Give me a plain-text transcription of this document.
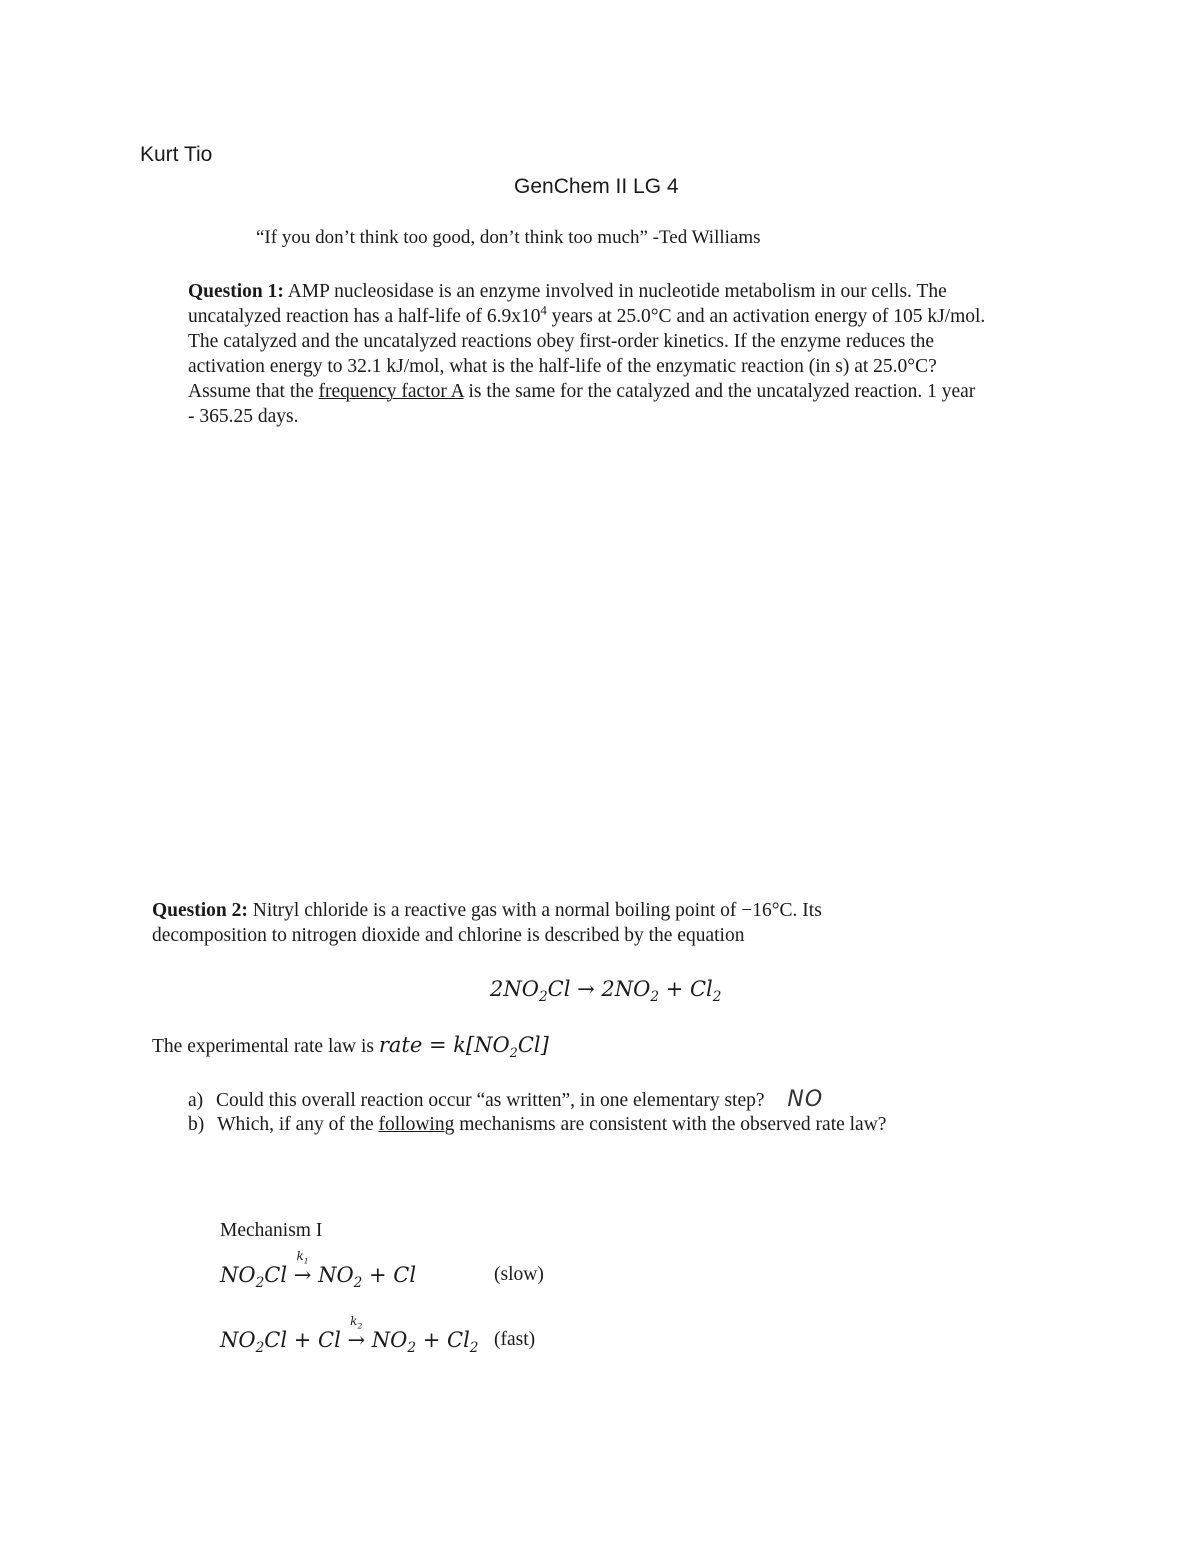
Kurt Tio
GenChem II LG 4
“If you don’t think too good, don’t think too much” -Ted Williams

Question 1: AMP nucleosidase is an enzyme involved in nucleotide metabolism in our cells. The

uncatalyzed reaction has a half-life of $6.9x10^4$ years at 25.0°C and an activation energy of 105 kJ/mol.

The catalyzed and the uncatalyzed reactions obey first-order kinetics. If the enzyme reduces the

activation energy to 32.1 kJ/mol, what is the half-life of the enzymatic reaction (in s) at 25.0°C?

Assume that the frequency factor A is the same for the catalyzed and the uncatalyzed reaction. 1 year

- 365.25 days.

Question 2: Nitryl chloride is a reactive gas with a normal boiling point of −16°C. Its

decomposition to nitrogen dioxide and chlorine is described by the equation

$2NO_2Cl \to 2NO_2 + Cl_2$
The experimental rate law is rate = $k[NO_2Cl]$
a) Could this overall reaction occur “as written”, in one elementary step? NO
b) Which, if any of the following mechanisms are consistent with the observed rate law?
Mechanism I
$NO_2Cl$ →
$k_1$
$NO_2 + Cl$	(slow)
$NO_2Cl + Cl$ →
$k_2$
$NO_2 + Cl_2$ (fast)
